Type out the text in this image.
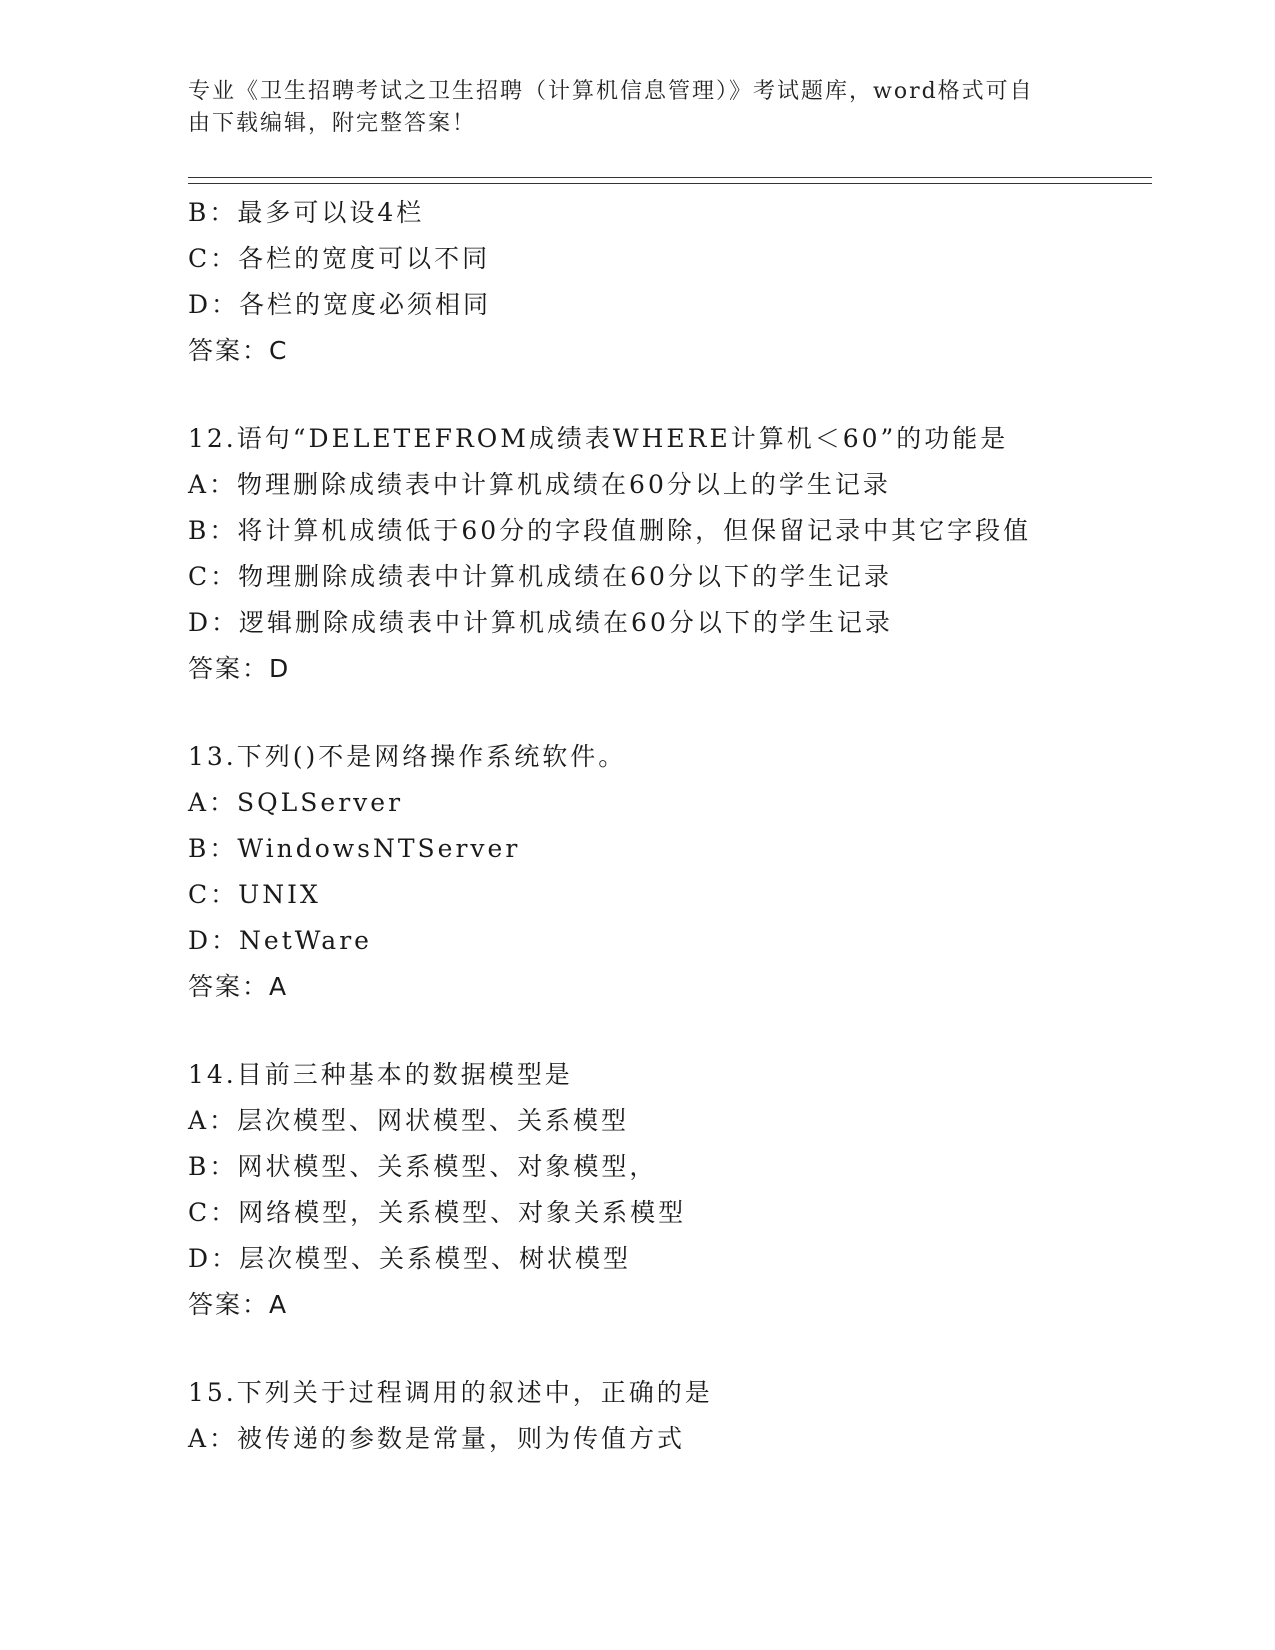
专业《卫生招聘考试之卫生招聘（计算机信息管理）》考试题库，word格式可自
由下载编辑，附完整答案！
B：最多可以设4栏
C：各栏的宽度可以不同
D：各栏的宽度必须相同
答案：C
12.语句“DELETEFROM成绩表WHERE计算机＜60”的功能是
A：物理删除成绩表中计算机成绩在60分以上的学生记录
B：将计算机成绩低于60分的字段值删除，但保留记录中其它字段值
C：物理删除成绩表中计算机成绩在60分以下的学生记录
D：逻辑删除成绩表中计算机成绩在60分以下的学生记录
答案：D
13.下列()不是网络操作系统软件。
A：SQLServer
B：WindowsNTServer
C：UNIX
D：NetWare
答案：A
14.目前三种基本的数据模型是
A：层次模型、网状模型、关系模型
B：网状模型、关系模型、对象模型，
C：网络模型，关系模型、对象关系模型
D：层次模型、关系模型、树状模型
答案：A
15.下列关于过程调用的叙述中，正确的是
A：被传递的参数是常量，则为传值方式
